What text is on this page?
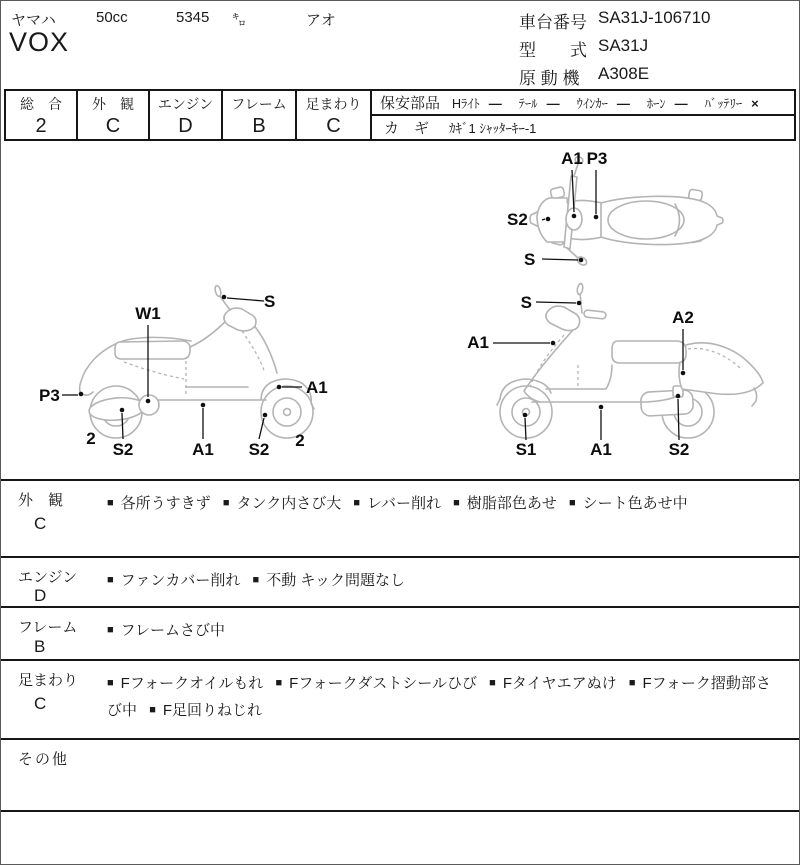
ヤマハ	50cc	5345 ㌔	アオ
VOX
車台番号 SA31J-106710
型　　式 SA31J
原 動 機 A308E
総　合
2
外　観
C
エンジン
D
フレーム
B
足まわり
C
保安部品 Hﾗｲﾄ — ﾃｰﾙ — ｳｲﾝｶｰ — ﾎｰﾝ — ﾊﾞｯﾃﾘｰ ×
カ　ギ ｶｷﾞ1 ｼｬｯﾀｰｷｰ-1
A1 P3
S2
S
S
W1
P3	A1
A1
S2	S2
2	2
S
A1
A2
S1	A1	S2
外　観
C
■ 各所うすきず ■ タンク内さび大 ■ レバー削れ ■ 樹脂部色あせ ■ シート色あせ中
エンジン
D
■ ファンカバー削れ ■ 不動 キック問題なし
フレーム
B
■ フレームさび中
足まわり
C
■ Fフォークオイルもれ ■ Fフォークダストシールひび ■ Fタイヤエアぬけ ■ Fフォーク摺動部さび中 ■ F足回りねじれ
その他
